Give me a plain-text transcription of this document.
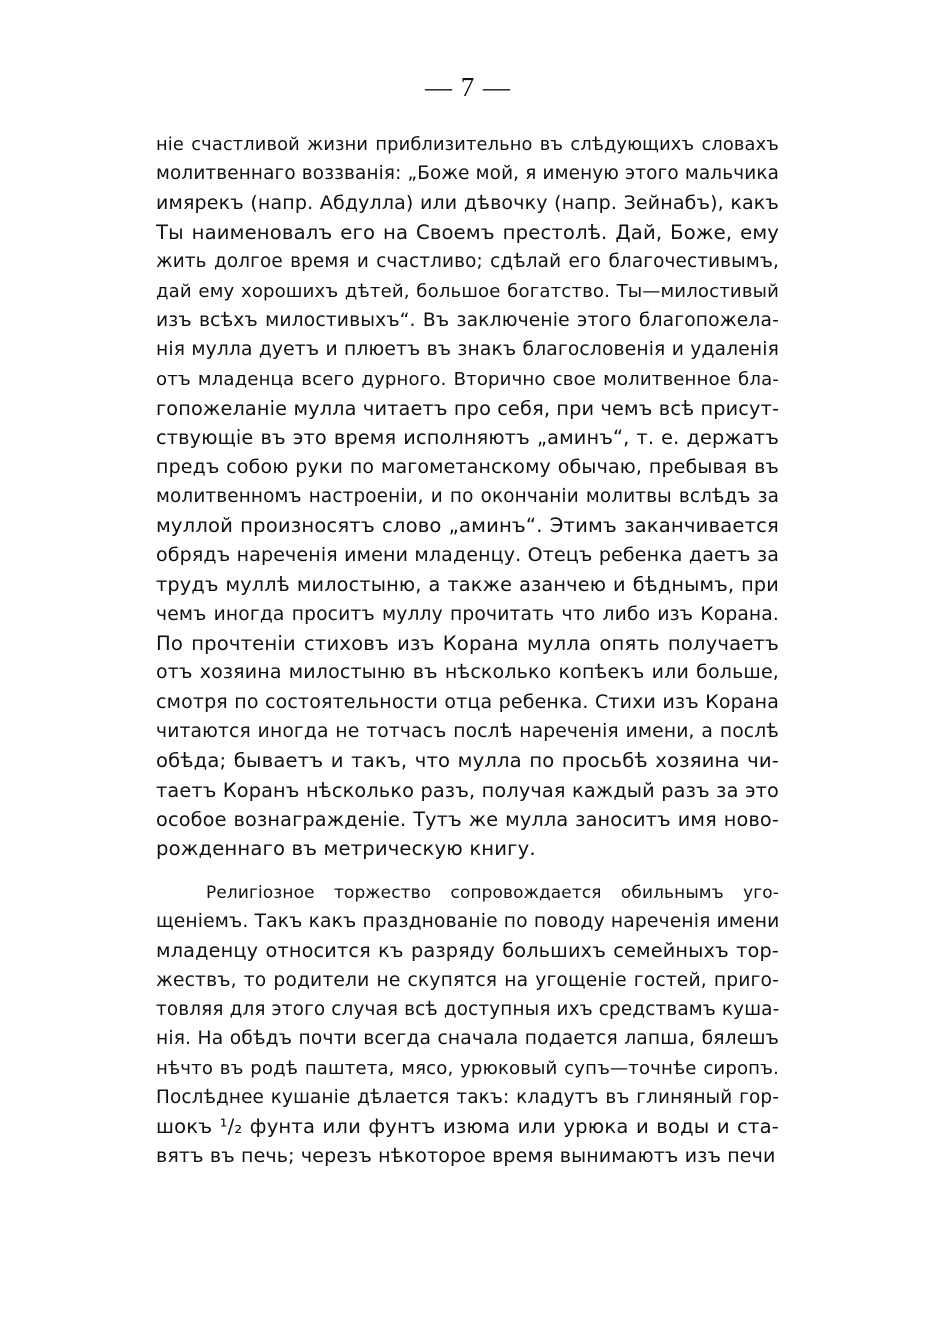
— 7 —
ніе счастливой жизни приблизительно въ слѣдующихъ словахъ
молитвеннаго воззванія: „Боже мой, я именую этого мальчика
имярекъ (напр. Абдулла) или дѣвочку (напр. Зейнабъ), какъ
Ты наименовалъ его на Своемъ престолѣ. Дай, Боже, ему
жить долгое время и счастливо; сдѣлай его благочестивымъ,
дай ему хорошихъ дѣтей, большое богатство. Ты—милостивый
изъ всѣхъ милостивыхъ“. Въ заключеніе этого благопожела-
нія мулла дуетъ и плюетъ въ знакъ благословенія и удаленія
отъ младенца всего дурного. Вторично свое молитвенное бла-
гопожеланіе мулла читаетъ про себя, при чемъ всѣ присут-
ствующіе въ это время исполняютъ „аминъ“, т. е. держатъ
предъ собою руки по магометанскому обычаю, пребывая въ
молитвенномъ настроеніи, и по окончаніи молитвы вслѣдъ за
муллой произносятъ слово „аминъ“. Этимъ заканчивается
обрядъ нареченія имени младенцу. Отецъ ребенка даетъ за
трудъ муллѣ милостыню, а также азанчею и бѣднымъ, при
чемъ иногда проситъ муллу прочитать что либо изъ Корана.
По прочтеніи стиховъ изъ Корана мулла опять получаетъ
отъ хозяина милостыню въ нѣсколько копѣекъ или больше,
смотря по состоятельности отца ребенка. Стихи изъ Корана
читаются иногда не тотчасъ послѣ нареченія имени, а послѣ
обѣда; бываетъ и такъ, что мулла по просьбѣ хозяина чи-
таетъ Коранъ нѣсколько разъ, получая каждый разъ за это
особое вознагражденіе. Тутъ же мулла заноситъ имя ново-
рожденнаго въ метрическую книгу.
Религіозное торжество сопровождается обильнымъ уго-
щеніемъ. Такъ какъ празднованіе по поводу нареченія имени
младенцу относится къ разряду большихъ семейныхъ тор-
жествъ, то родители не скупятся на угощеніе гостей, приго-
товляя для этого случая всѣ доступныя ихъ средствамъ куша-
нія. На обѣдъ почти всегда сначала подается лапша, бялешъ
нѣчто въ родѣ паштета, мясо, урюковый супъ—точнѣе сиропъ.
Послѣднее кушаніе дѣлается такъ: кладутъ въ глиняный гор-
шокъ ¹/₂ фунта или фунтъ изюма или урюка и воды и ста-
вятъ въ печь; черезъ нѣкоторое время вынимаютъ изъ печи
